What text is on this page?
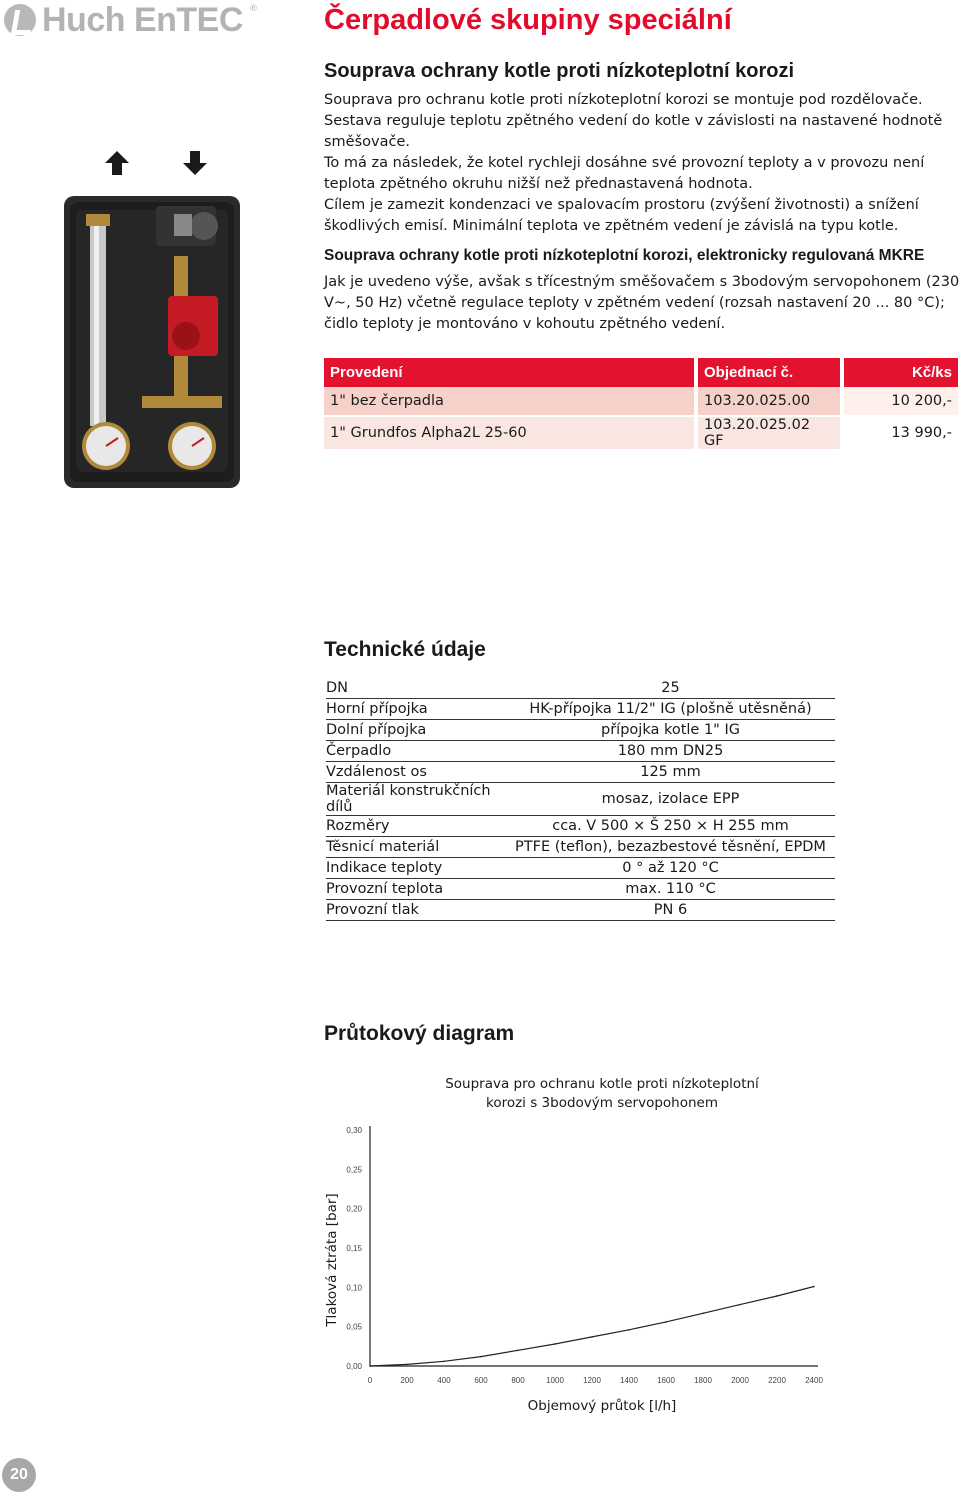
Huch EnTEC ® Čerpadlové skupiny speciální
Souprava ochrany kotle proti nízkoteplotní korozi

Souprava pro ochranu kotle proti nízkoteplotní korozi se montuje pod rozdělovače. Sestava reguluje teplotu zpětného vedení do kotle v závislosti na nastavené hodnotě směšovače.

To má za následek, že kotel rychleji dosáhne své provozní teploty a v provozu není teplota zpětného okruhu nižší než přednastavená hodnota.

Cílem je zamezit kondenzaci ve spalovacím prostoru (zvýšení životnosti) a snížení škodlivých emisí. Minimální teplota ve zpětném vedení je závislá na typu kotle.

Souprava ochrany kotle proti nízkoteplotní korozi, elektronicky regulovaná MKRE
Jak je uvedeno výše, avšak s třícestným směšovačem s 3bodovým servopohonem (230 V~, 50 Hz) včetně regulace teploty v zpětném vedení (rozsah nastavení 20 ... 80 °C); čidlo teploty je montováno v kohoutu zpětného vedení.
Provedení		Objednací č.		Kč/ks
1" bez čerpadla		103.20.025.00		10 200,-
1" Grundfos Alpha2L 25-60		103.20.025.02 GF		13 990,-
Technické údaje
DN	25
Horní přípojka	HK-přípojka 11/2" IG (plošně utěsněná)
Dolní přípojka	přípojka kotle 1" IG
Čerpadlo	180 mm DN25
Vzdálenost os	125 mm
Materiál konstrukčních dílů	mosaz, izolace EPP
Rozměry	cca. V 500 × Š 250 × H 255 mm
Těsnicí materiál	PTFE (teflon), bezazbestové těsnění, EPDM
Indikace teploty	0 ° až 120 °C
Provozní teplota	max. 110 °C
Provozní tlak	PN 6
Průtokový diagram
Souprava pro ochranu kotle proti nízkoteplotní
korozi s 3bodovým servopohonem
0	200	400	600	800	1000 1200 1400 1600 1800 2000 2200 2400
0,00
0,05
0,10
0,15
0,20
0,25
0,30
Objemový průtok [l/h]
Tlaková ztráta [bar]
20
